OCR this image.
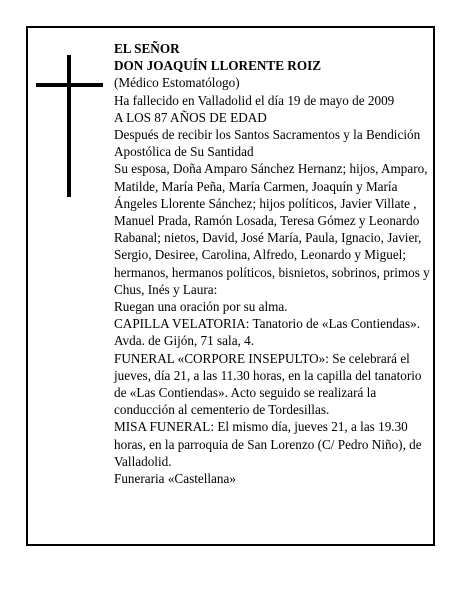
EL SEÑOR

DON JOAQUÍN LLORENTE ROIZ

(Médico Estomatólogo)

Ha fallecido en Valladolid el día 19 de mayo de 2009

A LOS 87 AÑOS DE EDAD

Después de recibir los Santos Sacramentos y la Bendición Apostólica de Su Santidad

Su esposa, Doña Amparo Sánchez Hernanz; hijos, Amparo, Matilde, María Peña, María Carmen, Joaquín y María Ángeles Llorente Sánchez; hijos políticos, Javier Villate , Manuel Prada, Ramón Losada, Teresa Gómez y Leonardo Rabanal; nietos, David, José María, Paula, Ignacio, Javier, Sergio, Desiree, Carolina, Alfredo, Leonardo y Miguel; hermanos, hermanos políticos, bisnietos, sobrinos, primos y Chus, Inés y Laura:

Ruegan una oración por su alma.

CAPILLA VELATORIA: Tanatorio de «Las Contiendas». Avda. de Gijón, 71 sala, 4.

FUNERAL «CORPORE INSEPULTO»: Se celebrará el jueves, día 21, a las 11.30 horas, en la capilla del tanatorio de «Las Contiendas». Acto seguido se realizará la conducción al cementerio de Tordesillas.

MISA FUNERAL: El mismo día, jueves 21, a las 19.30 horas, en la parroquia de San Lorenzo (C/ Pedro Niño), de Valladolid.

Funeraria «Castellana»
